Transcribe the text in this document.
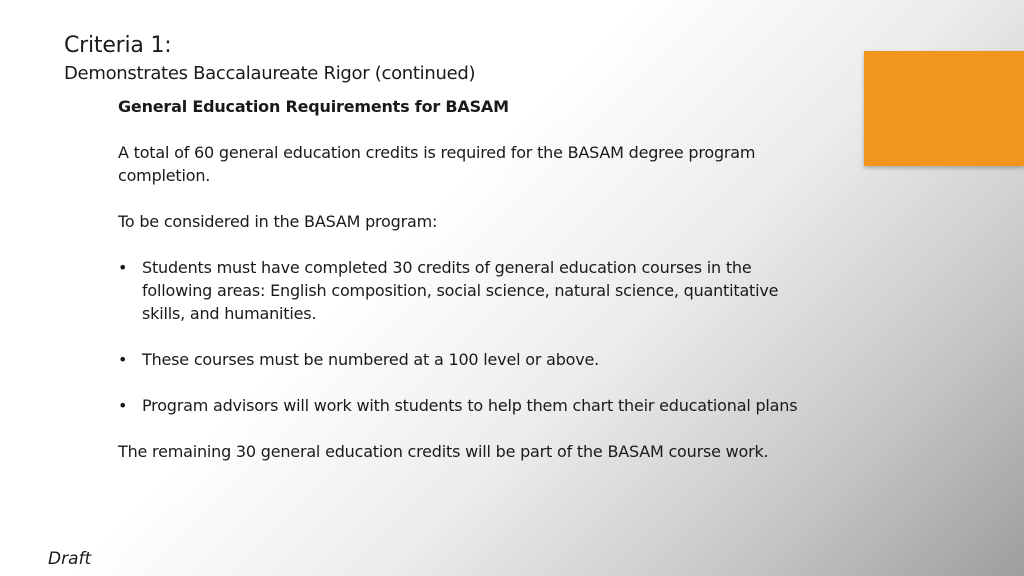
Criteria 1:
Demonstrates Baccalaureate Rigor (continued)

General Education Requirements for BASAM

A total of 60 general education credits is required for the BASAM degree program completion.

To be considered in the BASAM program:

• Students must have completed 30 credits of general education courses in the following areas: English composition, social science, natural science, quantitative skills, and humanities.
• These courses must be numbered at a 100 level or above.
• Program advisors will work with students to help them chart their educational plans

The remaining 30 general education credits will be part of the BASAM course work.

Draft
